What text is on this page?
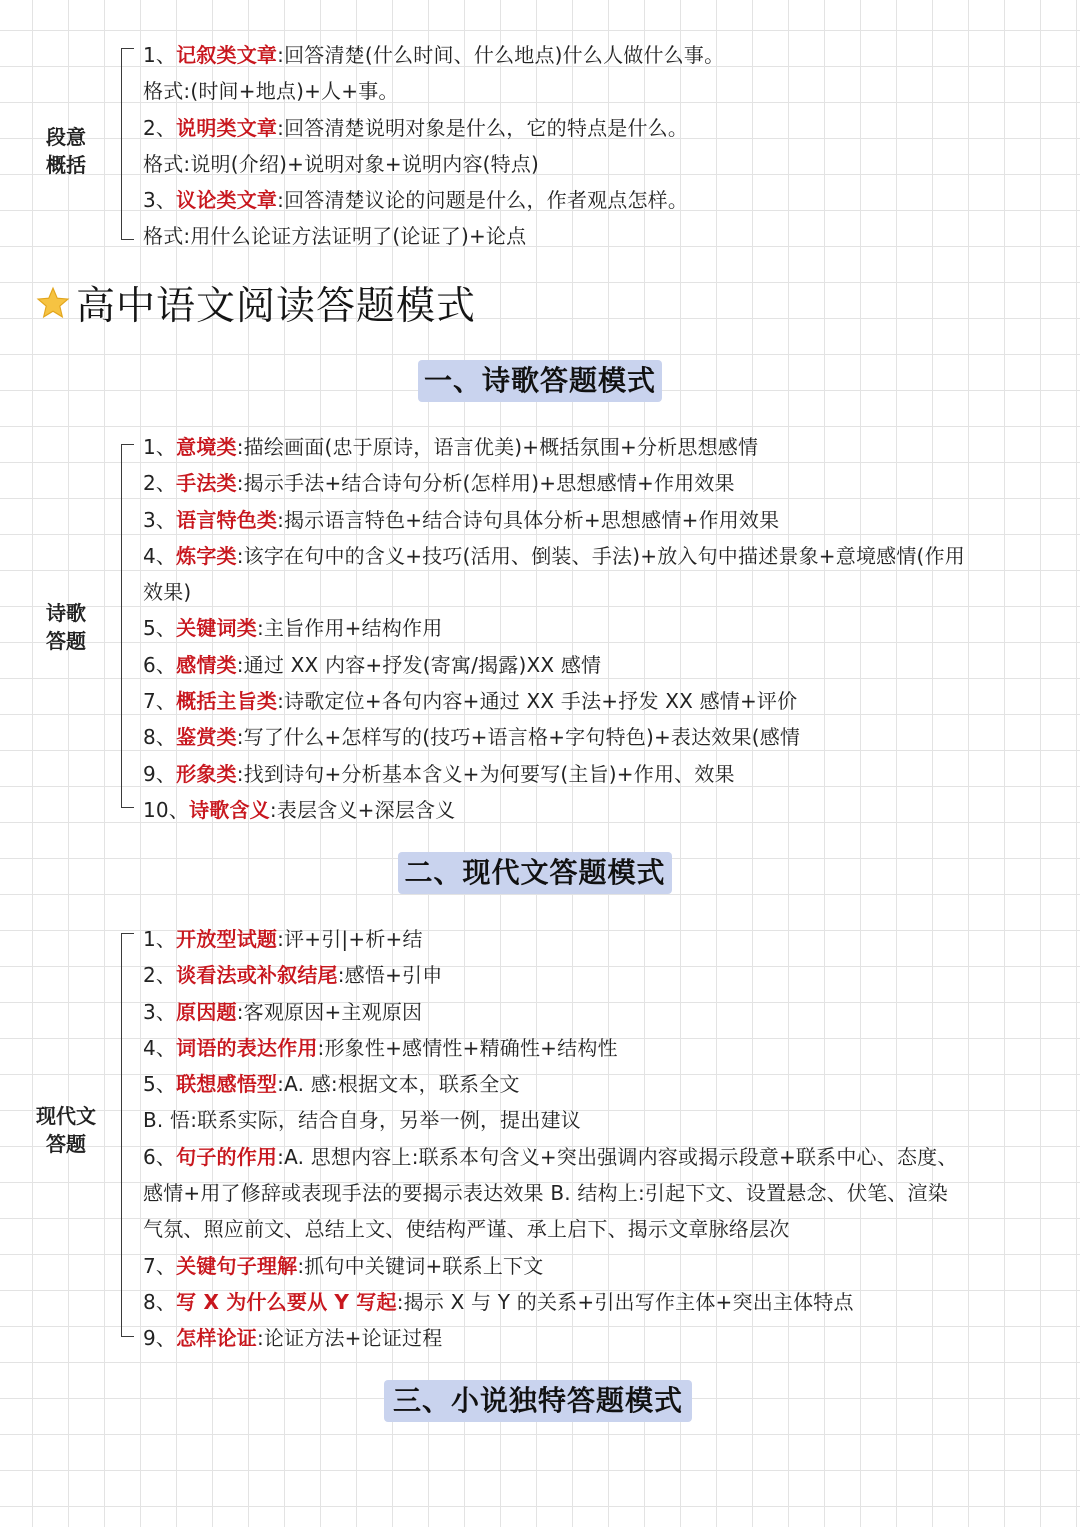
段意
概括
1、记叙类文章:回答清楚(什么时间、什么地点)什么人做什么事。
格式:(时间+地点)+人+事。
2、说明类文章:回答清楚说明对象是什么，它的特点是什么。
格式:说明(介绍)+说明对象+说明内容(特点)
3、议论类文章:回答清楚议论的问题是什么，作者观点怎样。
格式:用什么论证方法证明了(论证了)+论点
高中语文阅读答题模式
一、诗歌答题模式
诗歌
答题
1、意境类:描绘画面(忠于原诗，语言优美)+概括氛围+分析思想感情
2、手法类:揭示手法+结合诗句分析(怎样用)+思想感情+作用效果
3、语言特色类:揭示语言特色+结合诗句具体分析+思想感情+作用效果
4、炼字类:该字在句中的含义+技巧(活用、倒装、手法)+放入句中描述景象+意境感情(作用
效果)
5、关键词类:主旨作用+结构作用
6、感情类:通过 XX 内容+抒发(寄寓/揭露)XX 感情
7、概括主旨类:诗歌定位+各句内容+通过 XX 手法+抒发 XX 感情+评价
8、鉴赏类:写了什么+怎样写的(技巧+语言格+字句特色)+表达效果(感情
9、形象类:找到诗句+分析基本含义+为何要写(主旨)+作用、效果
10、诗歌含义:表层含义+深层含义
二、现代文答题模式
现代文
答题
1、开放型试题:评+引|+析+结
2、谈看法或补叙结尾:感悟+引申
3、原因题:客观原因+主观原因
4、词语的表达作用:形象性+感情性+精确性+结构性
5、联想感悟型:A. 感:根据文本，联系全文
B. 悟:联系实际，结合自身，另举一例，提出建议
6、句子的作用:A. 思想内容上:联系本句含义+突出强调内容或揭示段意+联系中心、态度、
感情+用了修辞或表现手法的要揭示表达效果 B. 结构上:引起下文、设置悬念、伏笔、渲染
气氛、照应前文、总结上文、使结构严谨、承上启下、揭示文章脉络层次
7、关键句子理解:抓句中关键词+联系上下文
8、写 X 为什么要从 Y 写起:揭示 X 与 Y 的关系+引出写作主体+突出主体特点
9、怎样论证:论证方法+论证过程
三、小说独特答题模式
